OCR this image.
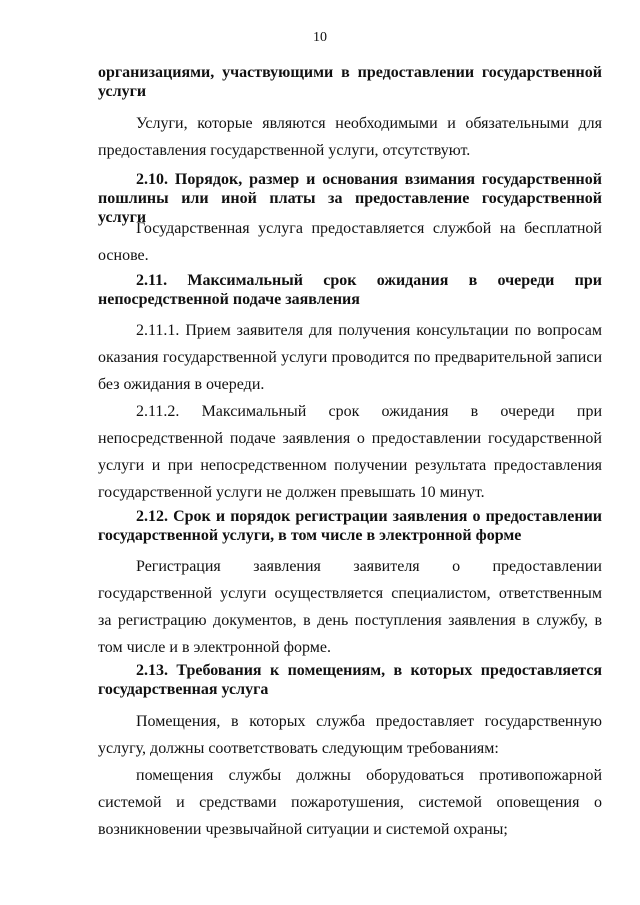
10
организациями, участвующими в предоставлении государственной услуги
Услуги, которые являются необходимыми и обязательными для предоставления государственной услуги, отсутствуют.
2.10. Порядок, размер и основания взимания государственной пошлины или иной платы за предоставление государственной услуги
Государственная услуга предоставляется службой на бесплатной основе.
2.11. Максимальный срок ожидания в очереди при непосредственной подаче заявления
2.11.1. Прием заявителя для получения консультации по вопросам оказания государственной услуги проводится по предварительной записи без ожидания в очереди.
2.11.2. Максимальный срок ожидания в очереди при непосредственной подаче заявления о предоставлении государственной услуги и при непосредственном получении результата предоставления государственной услуги не должен превышать 10 минут.
2.12. Срок и порядок регистрации заявления о предоставлении государственной услуги, в том числе в электронной форме
Регистрация заявления заявителя о предоставлении государственной услуги осуществляется специалистом, ответственным за регистрацию документов, в день поступления заявления в службу, в том числе и в электронной форме.
2.13. Требования к помещениям, в которых предоставляется государственная услуга
Помещения, в которых служба предоставляет государственную услугу, должны соответствовать следующим требованиям:
помещения службы должны оборудоваться противопожарной системой и средствами пожаротушения, системой оповещения о возникновении чрезвычайной ситуации и системой охраны;
